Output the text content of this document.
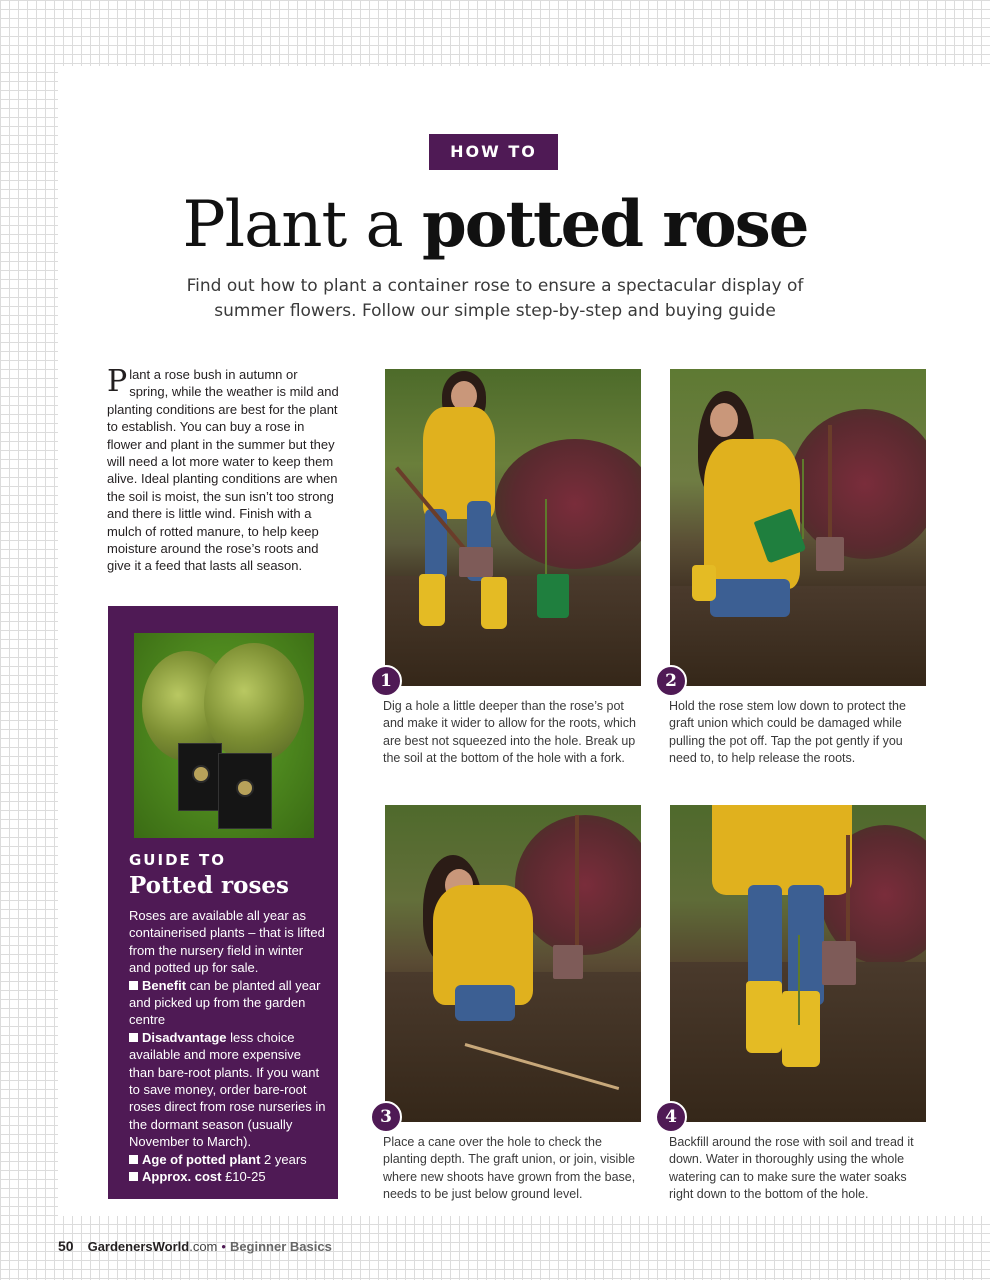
HOW TO
Plant a potted rose
Find out how to plant a container rose to ensure a spectacular display of summer flowers. Follow our simple step-by-step and buying guide
Plant a rose bush in autumn or spring, while the weather is mild and planting conditions are best for the plant to establish. You can buy a rose in flower and plant in the summer but they will need a lot more water to keep them alive. Ideal planting conditions are when the soil is moist, the sun isn’t too strong and there is little wind. Finish with a mulch of rotted manure, to help keep moisture around the rose’s roots and give it a feed that lasts all season.
GUIDE TO
Potted roses

Roses are available all year as containerised plants – that is lifted from the nursery field in winter and potted up for sale.

Benefit can be planted all year and picked up from the garden centre

Disadvantage less choice available and more expensive than bare-root plants. If you want to save money, order bare-root roses direct from rose nurseries in the dormant season (usually November to March).

Age of potted plant 2 years

Approx. cost £10-25

1
Dig a hole a little deeper than the rose’s pot and make it wider to allow for the roots, which are best not squeezed into the hole. Break up the soil at the bottom of the hole with a fork.
2
Hold the rose stem low down to protect the graft union which could be damaged while pulling the pot off. Tap the pot gently if you need to, to help release the roots.
3
Place a cane over the hole to check the planting depth. The graft union, or join, visible where new shoots have grown from the base, needs to be just below ground level.
4
Backfill around the rose with soil and tread it down. Water in thoroughly using the whole watering can to make sure the water soaks right down to the bottom of the hole.
50 GardenersWorld.com • Beginner Basics
